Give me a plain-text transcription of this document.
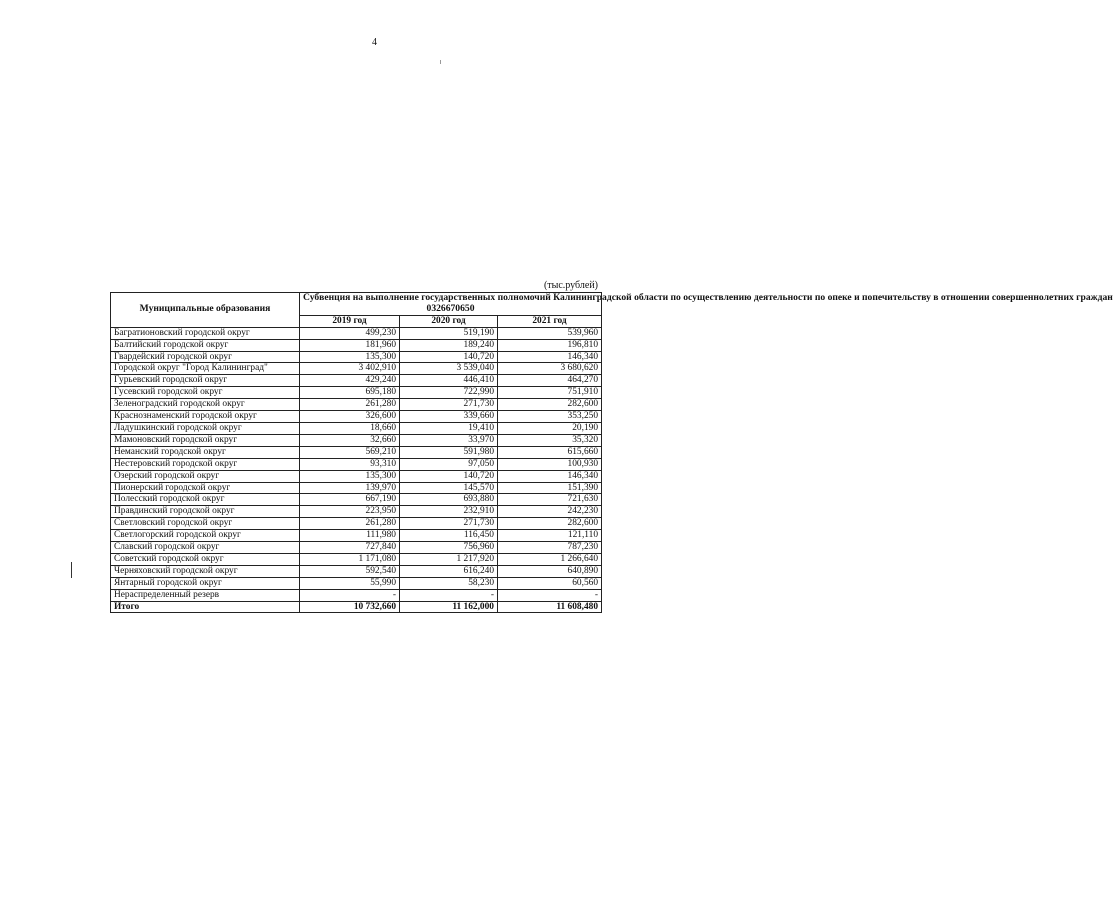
4
(тыс.рублей)
Муниципальные образования	Субвенция на выполнение государственных полномочий Калининградской области по осуществлению деятельности по опеке и попечительству в отношении совершеннолетних граждан
0326670650		

	2019 год	2020 год	2021 год
Багратионовский городской округ	499,230	519,190	539,960
Балтийский городской округ	181,960	189,240	196,810
Гвардейский городской округ	135,300	140,720	146,340
Городской округ "Город Калининград"	3 402,910	3 539,040	3 680,620
Гурьевский городской округ	429,240	446,410	464,270
Гусевский городской округ	695,180	722,990	751,910
Зеленоградский городской округ	261,280	271,730	282,600
Краснознаменский городской округ	326,600	339,660	353,250
Ладушкинский городской округ	18,660	19,410	20,190
Мамоновский городской округ	32,660	33,970	35,320
Неманский городской округ	569,210	591,980	615,660
Нестеровский городской округ	93,310	97,050	100,930
Озерский городской округ	135,300	140,720	146,340
Пионерский городской округ	139,970	145,570	151,390
Полесский городской округ	667,190	693,880	721,630
Правдинский городской округ	223,950	232,910	242,230
Светловский городской округ	261,280	271,730	282,600
Светлогорский городской округ	111,980	116,450	121,110
Славский городской округ	727,840	756,960	787,230
Советский городской округ	1 171,080	1 217,920	1 266,640
Черняховский городской округ	592,540	616,240	640,890
Янтарный городской округ	55,990	58,230	60,560
Нераспределенный резерв	-	-	-
Итого	10 732,660	11 162,000	11 608,480
